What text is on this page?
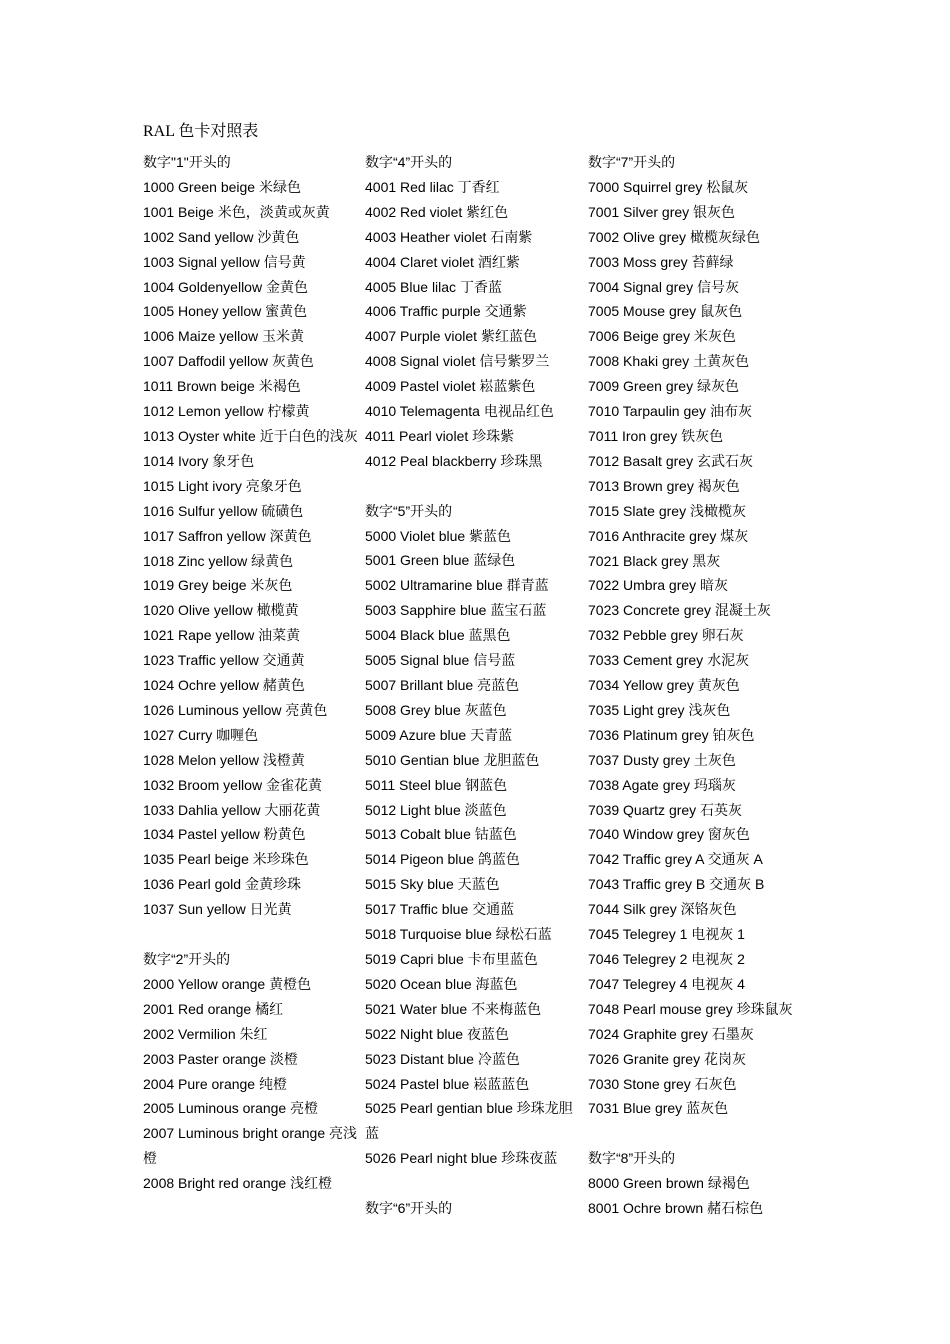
RAL 色卡对照表
数字"1"开头的
1000 Green beige 米绿色
1001 Beige 米色，淡黄或灰黄
1002 Sand yellow 沙黄色
1003 Signal yellow 信号黄
1004 Goldenyellow 金黄色
1005 Honey yellow 蜜黄色
1006 Maize yellow 玉米黄
1007 Daffodil yellow 灰黄色
1011 Brown beige 米褐色
1012 Lemon yellow 柠檬黄
1013 Oyster white 近于白色的浅灰
1014 Ivory 象牙色
1015 Light ivory 亮象牙色
1016 Sulfur yellow 硫磺色
1017 Saffron yellow 深黄色
1018 Zinc yellow 绿黄色
1019 Grey beige 米灰色
1020 Olive yellow 橄榄黄
1021 Rape yellow 油菜黄
1023 Traffic yellow 交通黄
1024 Ochre yellow 赭黄色
1026 Luminous yellow 亮黄色
1027 Curry 咖喱色
1028 Melon yellow 浅橙黄
1032 Broom yellow 金雀花黄
1033 Dahlia yellow 大丽花黄
1034 Pastel yellow 粉黄色
1035 Pearl beige 米珍珠色
1036 Pearl gold 金黄珍珠
1037 Sun yellow 日光黄
数字“2”开头的
2000 Yellow orange 黄橙色
2001 Red orange 橘红
2002 Vermilion 朱红
2003 Paster orange 淡橙
2004 Pure orange 纯橙
2005 Luminous orange 亮橙
2007 Luminous bright orange 亮浅橙
2008 Bright red orange 浅红橙
数字“4”开头的
4001 Red lilac 丁香红
4002 Red violet 紫红色
4003 Heather violet 石南紫
4004 Claret violet 酒红紫
4005 Blue lilac 丁香蓝
4006 Traffic purple 交通紫
4007 Purple violet 紫红蓝色
4008 Signal violet 信号紫罗兰
4009 Pastel violet 崧蓝紫色
4010 Telemagenta 电视品红色
4011 Pearl violet 珍珠紫
4012 Peal blackberry 珍珠黑
数字“5”开头的
5000 Violet blue 紫蓝色
5001 Green blue 蓝绿色
5002 Ultramarine blue 群青蓝
5003 Sapphire blue 蓝宝石蓝
5004 Black blue 蓝黑色
5005 Signal blue 信号蓝
5007 Brillant blue 亮蓝色
5008 Grey blue 灰蓝色
5009 Azure blue 天青蓝
5010 Gentian blue 龙胆蓝色
5011 Steel blue 钢蓝色
5012 Light blue 淡蓝色
5013 Cobalt blue 钴蓝色
5014 Pigeon blue 鸽蓝色
5015 Sky blue 天蓝色
5017 Traffic blue 交通蓝
5018 Turquoise blue 绿松石蓝
5019 Capri blue 卡布里蓝色
5020 Ocean blue 海蓝色
5021 Water blue 不来梅蓝色
5022 Night blue 夜蓝色
5023 Distant blue 冷蓝色
5024 Pastel blue 崧蓝蓝色
5025 Pearl gentian blue 珍珠龙胆蓝
5026 Pearl night blue 珍珠夜蓝
数字“6”开头的
数字“7”开头的
7000 Squirrel grey 松鼠灰
7001 Silver grey 银灰色
7002 Olive grey 橄榄灰绿色
7003 Moss grey 苔藓绿
7004 Signal grey 信号灰
7005 Mouse grey 鼠灰色
7006 Beige grey 米灰色
7008 Khaki grey 土黄灰色
7009 Green grey 绿灰色
7010 Tarpaulin gey 油布灰
7011 Iron grey 铁灰色
7012 Basalt grey 玄武石灰
7013 Brown grey 褐灰色
7015 Slate grey 浅橄榄灰
7016 Anthracite grey 煤灰
7021 Black grey 黑灰
7022 Umbra grey 暗灰
7023 Concrete grey 混凝土灰
7032 Pebble grey 卵石灰
7033 Cement grey 水泥灰
7034 Yellow grey 黄灰色
7035 Light grey 浅灰色
7036 Platinum grey 铂灰色
7037 Dusty grey 土灰色
7038 Agate grey 玛瑙灰
7039 Quartz grey 石英灰
7040 Window grey 窗灰色
7042 Traffic grey A 交通灰 A
7043 Traffic grey B 交通灰 B
7044 Silk grey 深铬灰色
7045 Telegrey 1 电视灰 1
7046 Telegrey 2 电视灰 2
7047 Telegrey 4 电视灰 4
7048 Pearl mouse grey 珍珠鼠灰
7024 Graphite grey 石墨灰
7026 Granite grey 花岗灰
7030 Stone grey 石灰色
7031 Blue grey 蓝灰色
数字“8”开头的
8000 Green brown 绿褐色
8001 Ochre brown 赭石棕色
